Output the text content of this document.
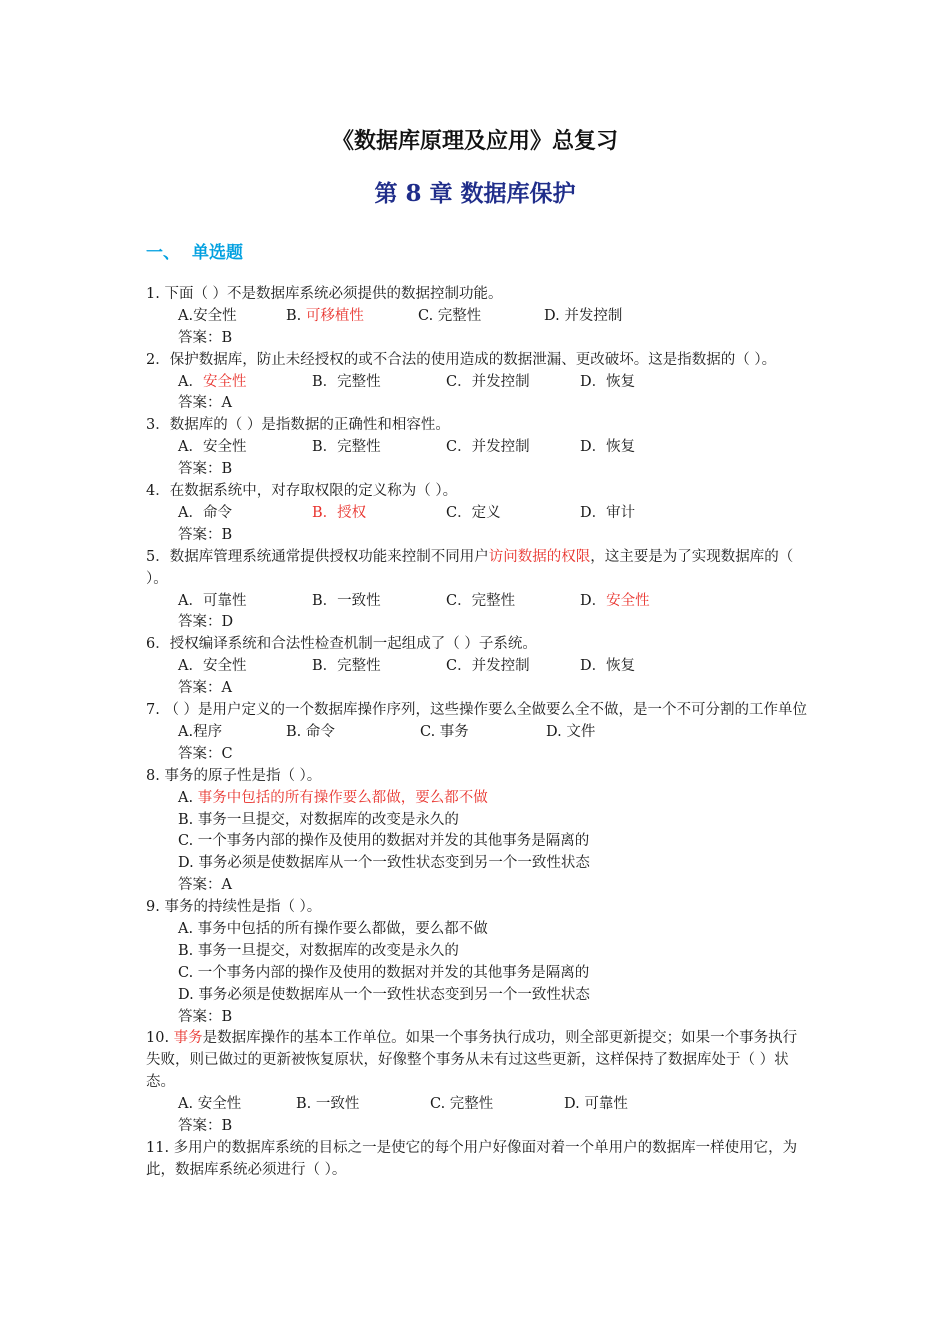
《数据库原理及应用》总复习
第 8 章 数据库保护
一、 单选题
1. 下面（ ）不是数据库系统必须提供的数据控制功能。
A.安全性	B. 可移植性	C. 完整性	D. 并发控制
答案：B
2．保护数据库，防止未经授权的或不合法的使用造成的数据泄漏、更改破坏。这是指数据的（ ）。
A．安全性	B．完整性	C．并发控制	D．恢复
答案：A
3．数据库的（ ）是指数据的正确性和相容性。
A．安全性	B．完整性	C．并发控制	D．恢复
答案：B
4．在数据系统中，对存取权限的定义称为（ ）。
A．命令	B．授权	C．定义	D．审计
答案：B
5．数据库管理系统通常提供授权功能来控制不同用户访问数据的权限，这主要是为了实现数据库的（ ）。
A．可靠性	B．一致性	C．完整性	D．安全性
答案：D
6．授权编译系统和合法性检查机制一起组成了（ ）子系统。
A．安全性	B．完整性	C．并发控制	D．恢复
答案：A
7. （ ）是用户定义的一个数据库操作序列，这些操作要么全做要么全不做，是一个不可分割的工作单位
A.程序	B. 命令	C. 事务	D. 文件
答案：C
8. 事务的原子性是指（ ）。
A. 事务中包括的所有操作要么都做，要么都不做
B. 事务一旦提交，对数据库的改变是永久的
C. 一个事务内部的操作及使用的数据对并发的其他事务是隔离的
D. 事务必须是使数据库从一个一致性状态变到另一个一致性状态
答案：A
9. 事务的持续性是指（ ）。
A. 事务中包括的所有操作要么都做，要么都不做
B. 事务一旦提交，对数据库的改变是永久的
C. 一个事务内部的操作及使用的数据对并发的其他事务是隔离的
D. 事务必须是使数据库从一个一致性状态变到另一个一致性状态
答案：B
10. 事务是数据库操作的基本工作单位。如果一个事务执行成功，则全部更新提交；如果一个事务执行失败，则已做过的更新被恢复原状，好像整个事务从未有过这些更新，这样保持了数据库处于（ ）状态。
A. 安全性	B. 一致性	C. 完整性	D. 可靠性
答案：B
11. 多用户的数据库系统的目标之一是使它的每个用户好像面对着一个单用户的数据库一样使用它，为此，数据库系统必须进行（ ）。
